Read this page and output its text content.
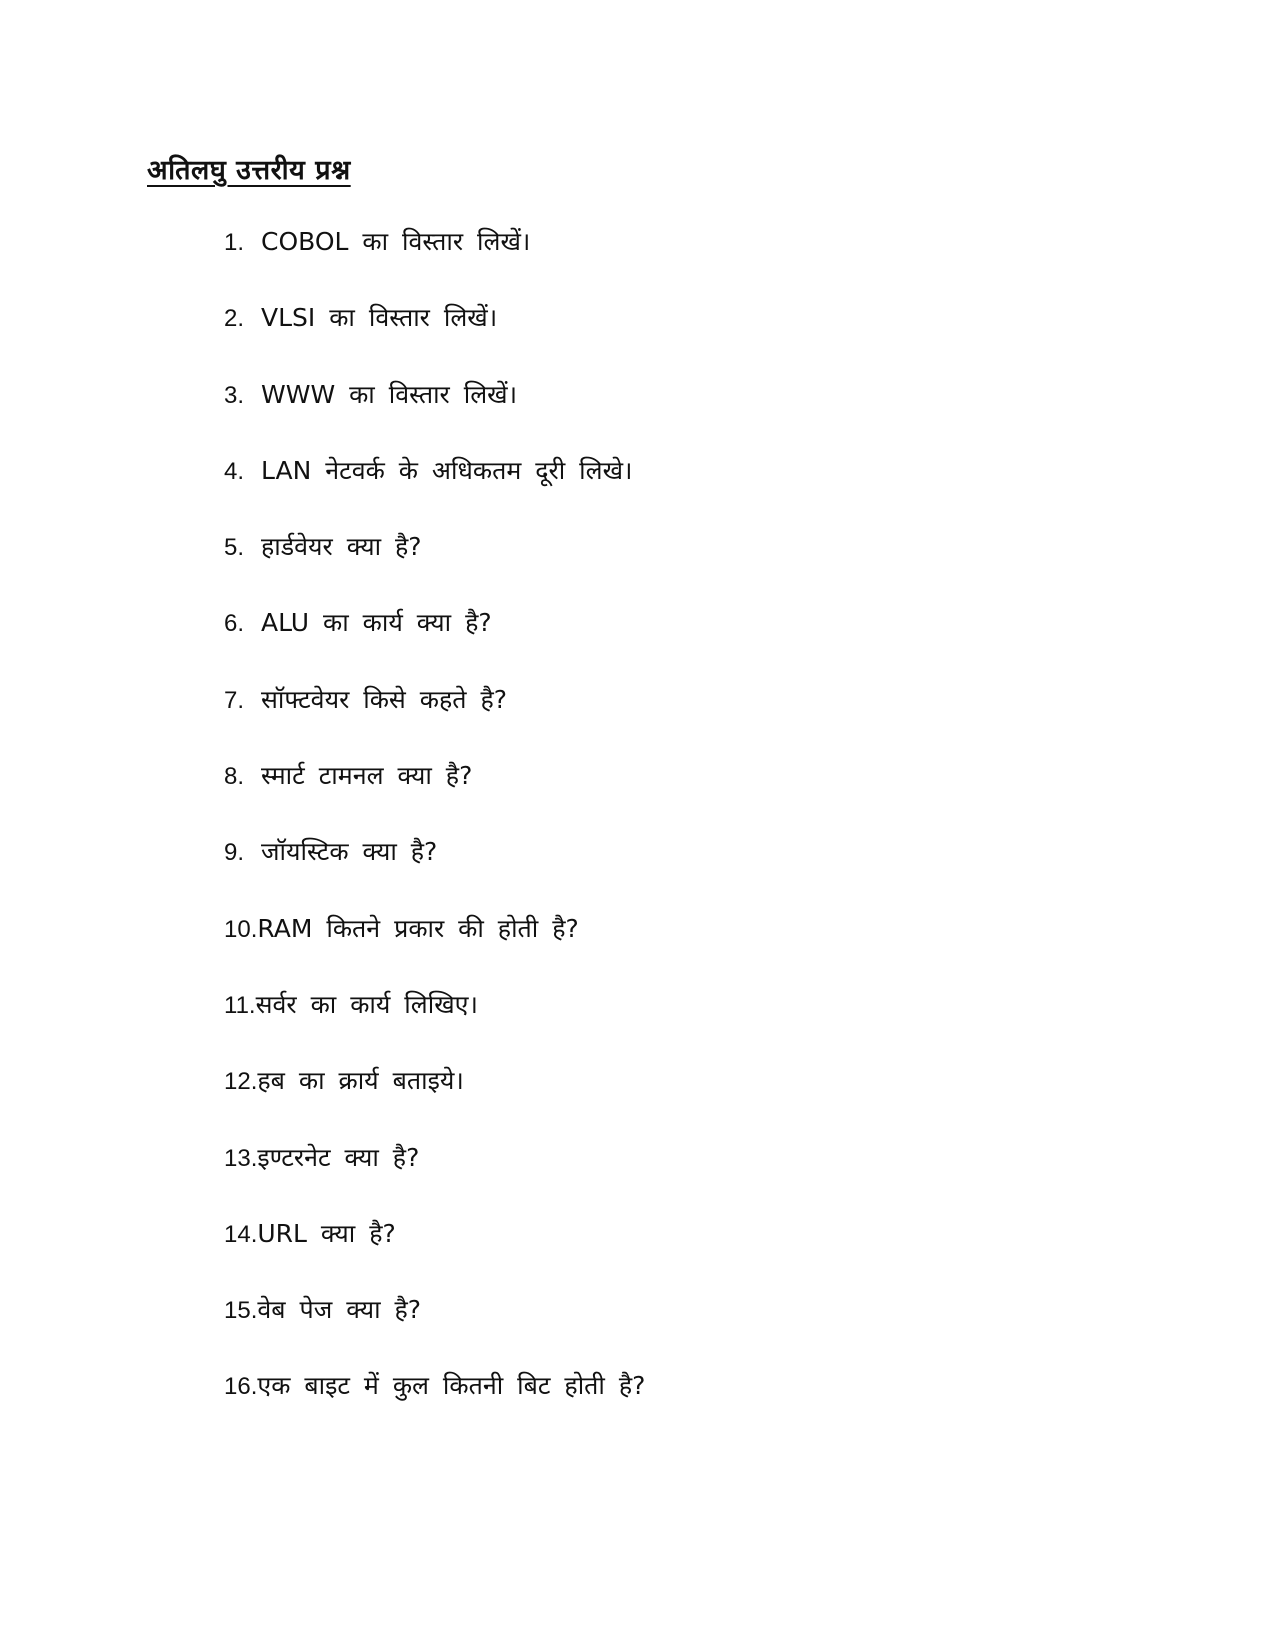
अतिलघु उत्तरीय प्रश्न
1. COBOL का विस्तार लिखें।
2. VLSI का विस्तार लिखें।
3. WWW का विस्तार लिखें।
4. LAN नेटवर्क के अधिकतम दूरी लिखे।
5. हार्डवेयर क्या है?
6. ALU का कार्य क्या है?
7. सॉफ्टवेयर किसे कहते है?
8. स्मार्ट टामनल क्या है?
9. जॉयस्टिक क्या है?
10.RAM कितने प्रकार की होती है?
11.सर्वर का कार्य लिखिए।
12.हब का क्रार्य बताइये।
13.इण्टरनेट क्या है?
14.URL क्या है?
15.वेब पेज क्या है?
16.एक बाइट में कुल कितनी बिट होती है?
